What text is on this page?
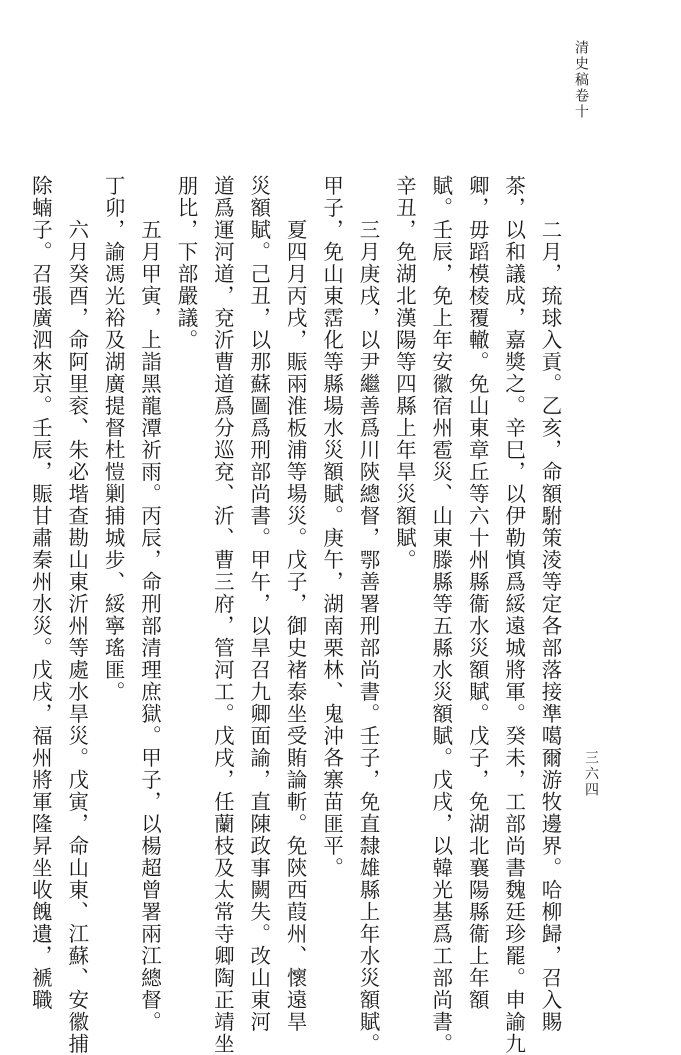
清史稿卷十
三六四
二月，琉球入貢。乙亥，命額駙策淩等定各部落接準噶爾游牧邊界。哈柳歸，召入賜
茶，以和議成，嘉獎之。辛巳，以伊勒慎爲綏遠城將軍。癸未，工部尚書魏廷珍罷。申諭九
卿，毋蹈模棱覆轍。免山東章丘等六十州縣衞水災額賦。戊子，免湖北襄陽縣衞上年額
賦。壬辰，免上年安徽宿州雹災、山東滕縣等五縣水災額賦。戊戌，以韓光基爲工部尚書。
辛丑，免湖北漢陽等四縣上年旱災額賦。
三月庚戌，以尹繼善爲川陝總督，鄂善署刑部尚書。壬子，免直隸雄縣上年水災額賦。
甲子，免山東霑化等縣場水災額賦。庚午，湖南栗林、鬼沖各寨苗匪平。
夏四月丙戌，賑兩淮板浦等場災。戊子，御史褚泰坐受賄論斬。免陝西葭州、懷遠旱
災額賦。己丑，以那蘇圖爲刑部尚書。甲午，以旱召九卿面諭，直陳政事闕失。改山東河
道爲運河道，兗沂曹道爲分巡兗、沂、曹三府，管河工。戊戌，任蘭枝及太常寺卿陶正靖坐
朋比，下部嚴議。
五月甲寅，上詣黑龍潭祈雨。丙辰，命刑部清理庶獄。甲子，以楊超曾署兩江總督。
丁卯，諭馮光裕及湖廣提督杜愷剿捕城步、綏寧瑤匪。
六月癸酉，命阿里衮、朱必堦查勘山東沂州等處水旱災。戊寅，命山東、江蘇、安徽捕
除蝻子。召張廣泗來京。壬辰，賑甘肅秦州水災。戊戌，福州將軍隆昇坐收餽遺，褫職
